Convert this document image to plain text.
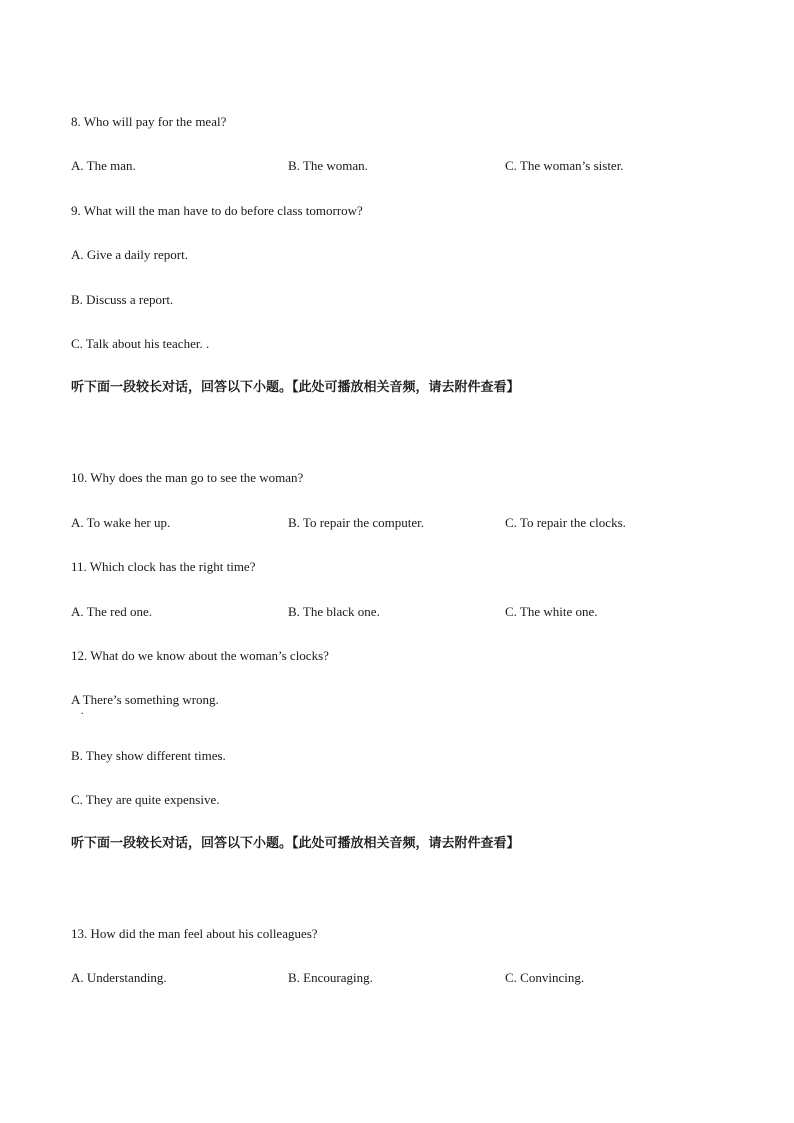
8. Who will pay for the meal?
A. The man.	B. The woman.	C. The woman’s sister.
9. What will the man have to do before class tomorrow?
A. Give a daily report.
B. Discuss a report.
C. Talk about his teacher. .
听下面一段较长对话，回答以下小题。【此处可播放相关音频，请去附件查看】
10. Why does the man go to see the woman?
A. To wake her up.	B. To repair the computer.	C. To repair the clocks.
11. Which clock has the right time?
A. The red one.	B. The black one.	C. The white one.
12. What do we know about the woman’s clocks?
A There’s something wrong.
.
B. They show different times.
C. They are quite expensive.
听下面一段较长对话，回答以下小题。【此处可播放相关音频，请去附件查看】
13. How did the man feel about his colleagues?
A. Understanding.	B. Encouraging.	C. Convincing.
